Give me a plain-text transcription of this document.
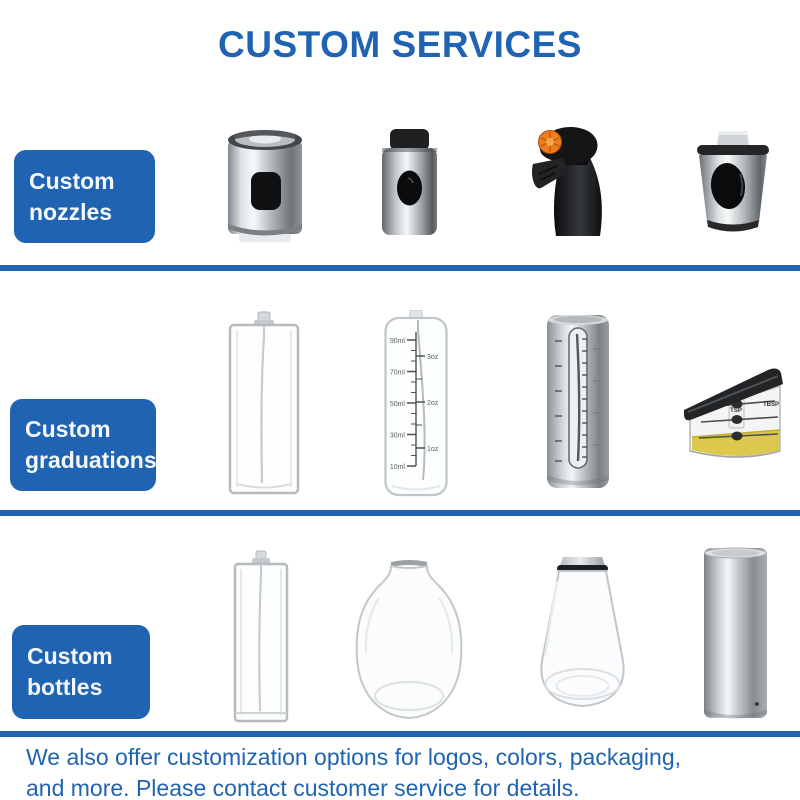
CUSTOM SERVICES
Custom
nozzles
Custom
graduations
90ml
70ml
50ml
30ml
10ml
3oz
2oz
1oz
TSP
TBSP
Custom
bottles
We also offer customization options for logos, colors, packaging,
and more. Please contact customer service for details.
